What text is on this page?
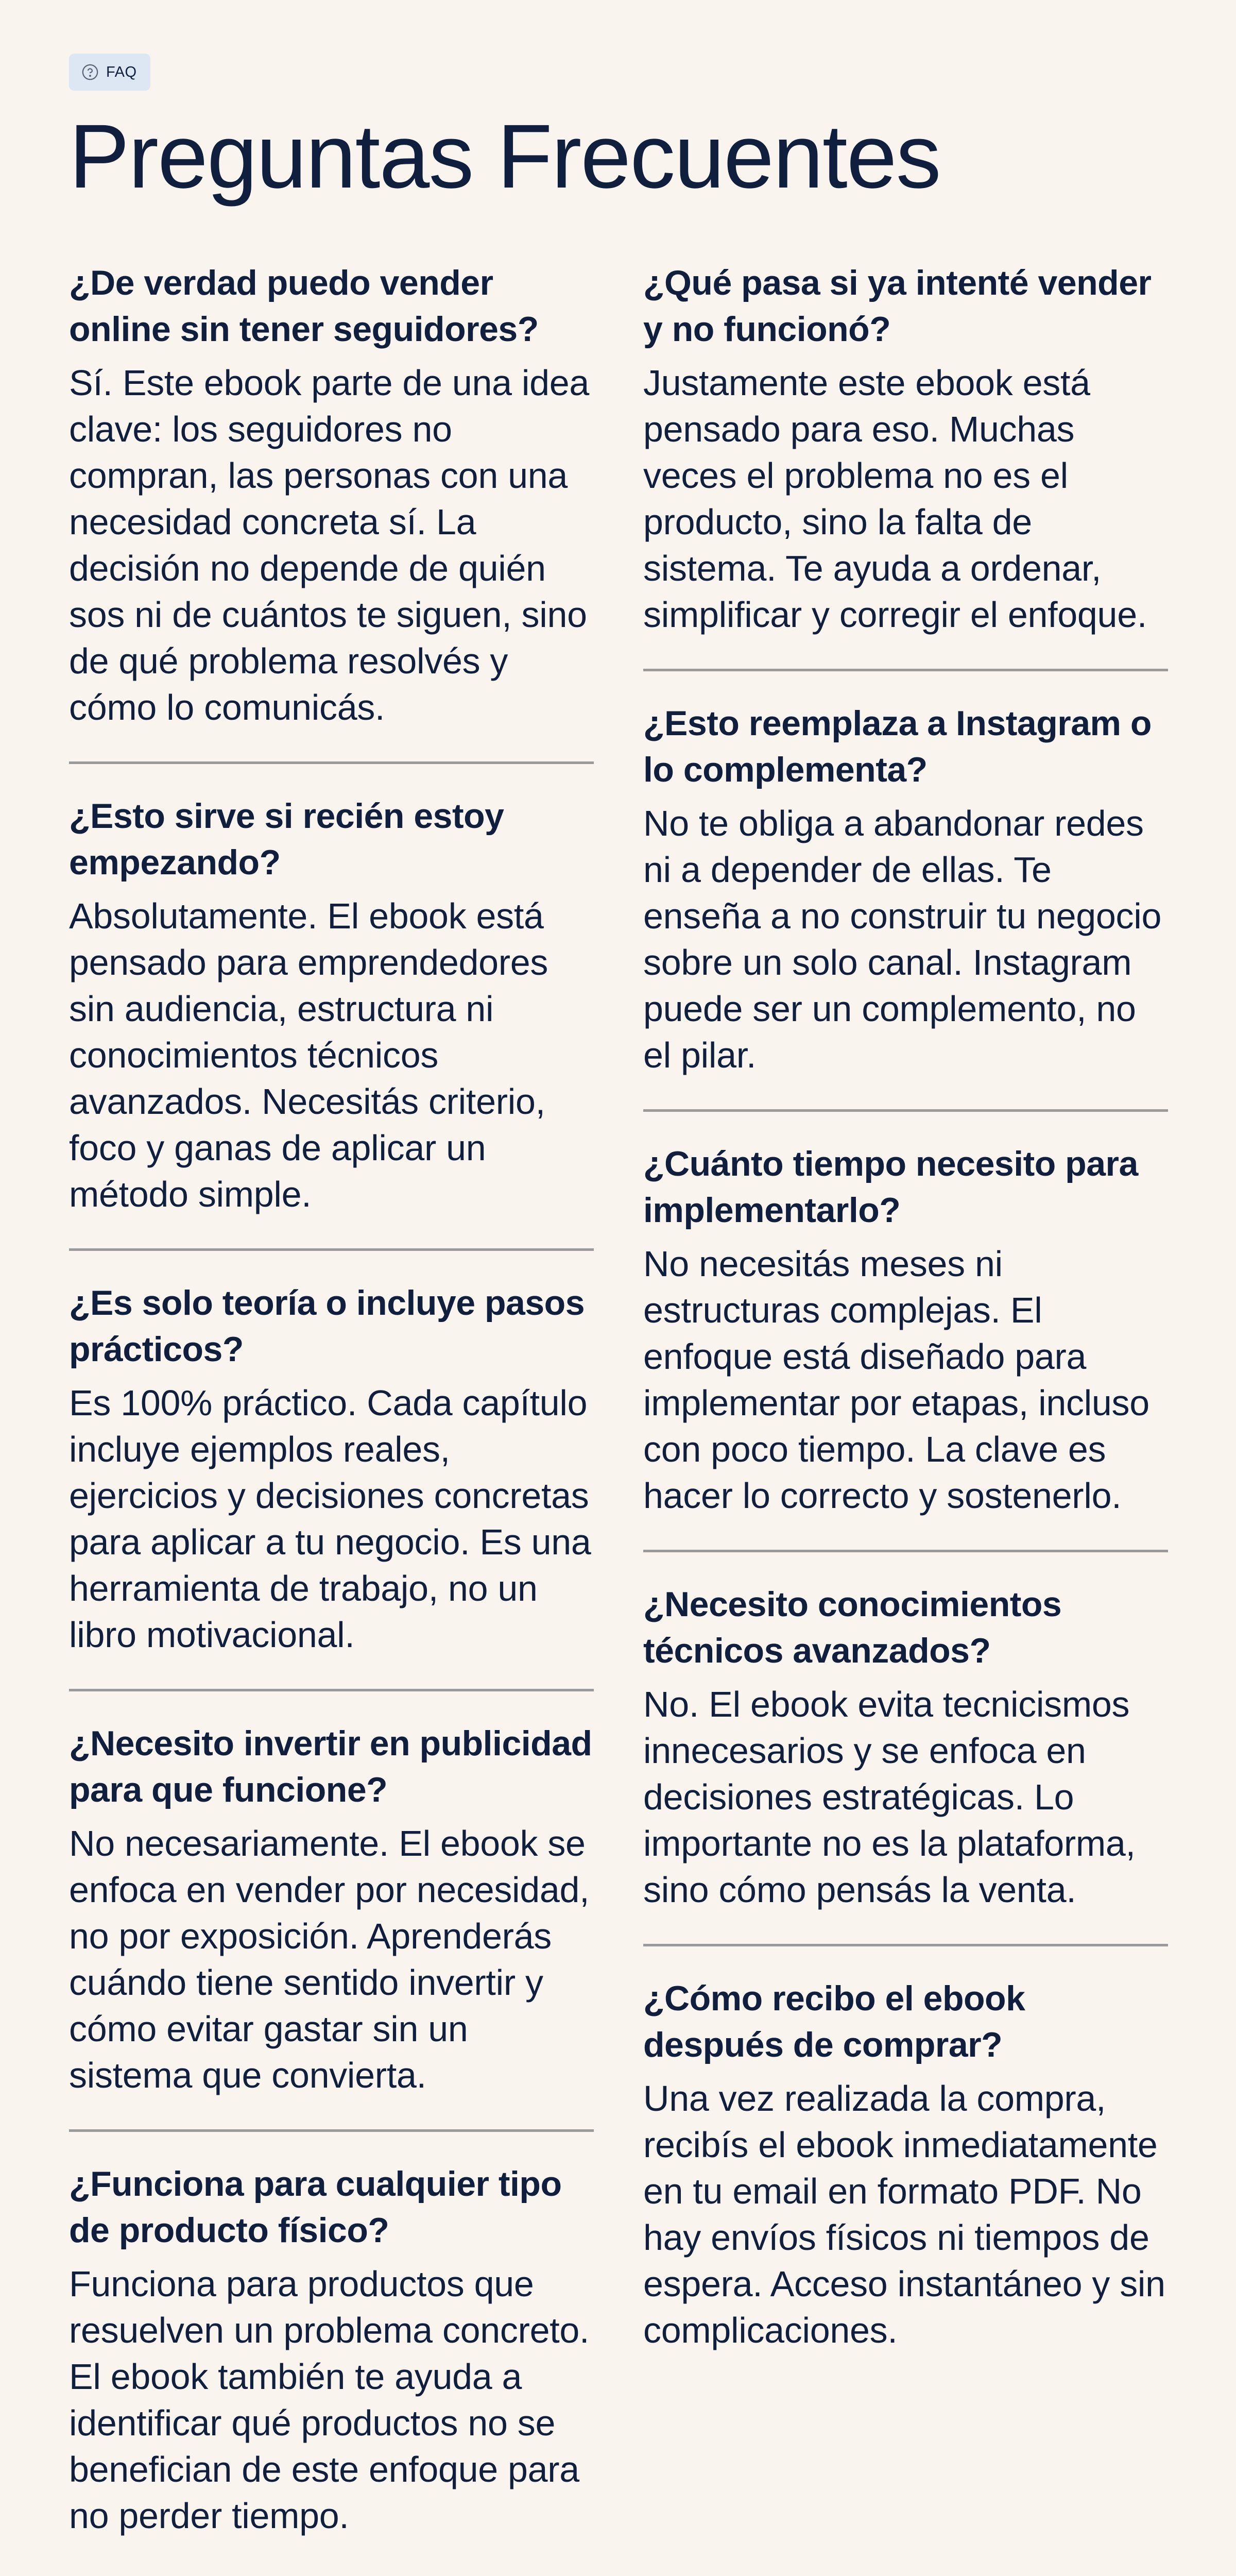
FAQ
Preguntas Frecuentes
¿De verdad puedo vender online sin tener seguidores?

Sí. Este ebook parte de una idea clave: los seguidores no compran, las personas con una necesidad concreta sí. La decisión no depende de quién sos ni de cuántos te siguen, sino de qué problema resolvés y cómo lo comunicás.

¿Esto sirve si recién estoy empezando?

Absolutamente. El ebook está pensado para emprendedores sin audiencia, estructura ni conocimientos técnicos avanzados. Necesitás criterio, foco y ganas de aplicar un método simple.

¿Es solo teoría o incluye pasos prácticos?

Es 100% práctico. Cada capítulo incluye ejemplos reales, ejercicios y decisiones concretas para aplicar a tu negocio. Es una herramienta de trabajo, no un libro motivacional.

¿Necesito invertir en publicidad para que funcione?

No necesariamente. El ebook se enfoca en vender por necesidad, no por exposición. Aprenderás cuándo tiene sentido invertir y cómo evitar gastar sin un sistema que convierta.

¿Funciona para cualquier tipo de producto físico?

Funciona para productos que resuelven un problema concreto. El ebook también te ayuda a identificar qué productos no se benefician de este enfoque para no perder tiempo.

¿Qué pasa si ya intenté vender y no funcionó?

Justamente este ebook está pensado para eso. Muchas veces el problema no es el producto, sino la falta de sistema. Te ayuda a ordenar, simplificar y corregir el enfoque.

¿Esto reemplaza a Instagram o lo complementa?

No te obliga a abandonar redes ni a depender de ellas. Te enseña a no construir tu negocio sobre un solo canal. Instagram puede ser un complemento, no el pilar.

¿Cuánto tiempo necesito para implementarlo?

No necesitás meses ni estructuras complejas. El enfoque está diseñado para implementar por etapas, incluso con poco tiempo. La clave es hacer lo correcto y sostenerlo.

¿Necesito conocimientos técnicos avanzados?

No. El ebook evita tecnicismos innecesarios y se enfoca en decisiones estratégicas. Lo importante no es la plataforma, sino cómo pensás la venta.

¿Cómo recibo el ebook después de comprar?

Una vez realizada la compra, recibís el ebook inmediatamente en tu email en formato PDF. No hay envíos físicos ni tiempos de espera. Acceso instantáneo y sin complicaciones.
